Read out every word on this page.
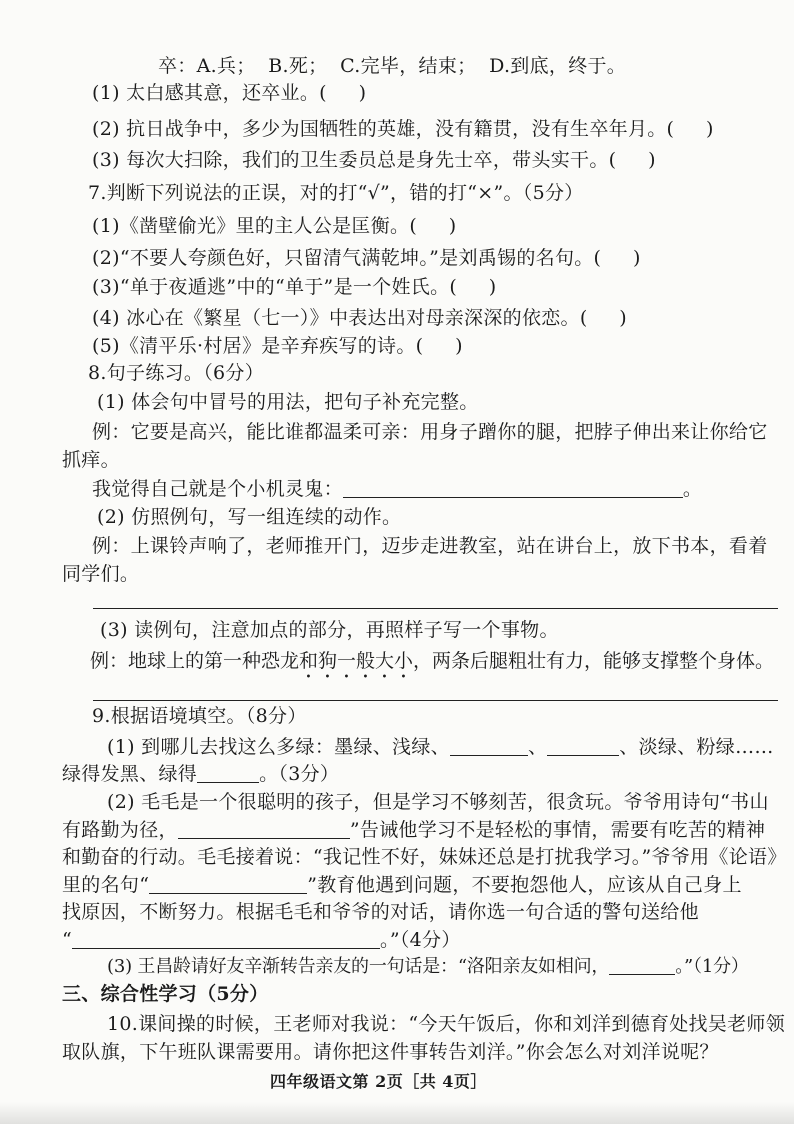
卒：A.兵；  B.死；  C.完毕，结束；  D.到底，终于。
(1) 太白感其意，还卒业。(     )
(2) 抗日战争中，多少为国牺牲的英雄，没有籍贯，没有生卒年月。(     )
(3) 每次大扫除，我们的卫生委员总是身先士卒，带头实干。(     )
7.判断下列说法的正误，对的打“√”，错的打“×”。（5分）
(1)《凿壁偷光》里的主人公是匡衡。(     )
(2)“不要人夸颜色好，只留清气满乾坤。”是刘禹锡的名句。(     )
(3)“单于夜遁逃”中的“单于”是一个姓氏。(     )
(4) 冰心在《繁星（七一）》中表达出对母亲深深的依恋。(     )
(5)《清平乐·村居》是辛弃疾写的诗。(     )
8.句子练习。（6分）
(1) 体会句中冒号的用法，把句子补充完整。
例：它要是高兴，能比谁都温柔可亲：用身子蹭你的腿，把脖子伸出来让你给它
抓痒。
我觉得自己就是个小机灵鬼：	。
(2) 仿照例句，写一组连续的动作。
例：上课铃声响了，老师推开门，迈步走进教室，站在讲台上，放下书本，看着
同学们。
(3) 读例句，注意加点的部分，再照样子写一个事物。
例：地球上的第一种恐龙和狗一般大小，两条后腿粗壮有力，能够支撑整个身体。
9.根据语境填空。（8分）
(1) 到哪儿去找这么多绿：墨绿、浅绿、	、	、淡绿、粉绿……
绿得发黑、绿得	。（3分）
(2) 毛毛是一个很聪明的孩子，但是学习不够刻苦，很贪玩。爷爷用诗句“书山
有路勤为径，	”告诫他学习不是轻松的事情，需要有吃苦的精神
和勤奋的行动。毛毛接着说：“我记性不好，妹妹还总是打扰我学习。”爷爷用《论语》
里的名句“	”教育他遇到问题，不要抱怨他人，应该从自己身上
找原因，不断努力。根据毛毛和爷爷的对话，请你选一句合适的警句送给他
“	。”（4分）
(3) 王昌龄请好友辛渐转告亲友的一句话是：“洛阳亲友如相问，	。”（1分）
三、综合性学习（5分）
10.课间操的时候，王老师对我说：“今天午饭后，你和刘洋到德育处找吴老师领
取队旗，下午班队课需要用。请你把这件事转告刘洋。”你会怎么对刘洋说呢？
四年级语文第 2页［共 4页］
